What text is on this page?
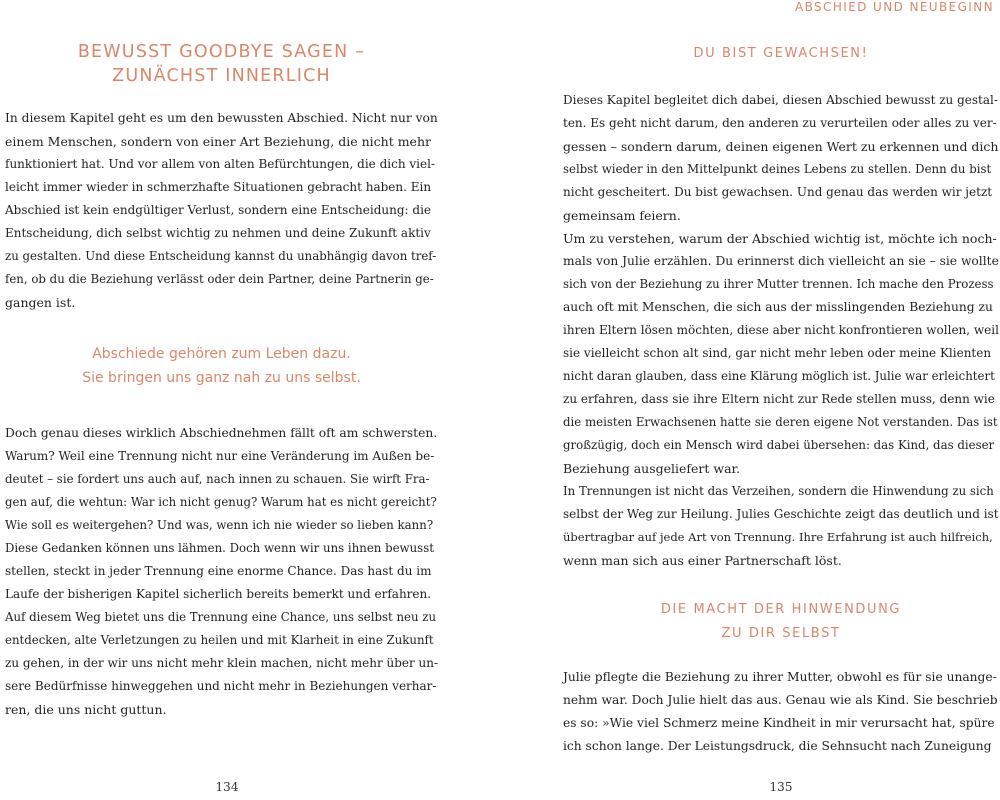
ABSCHIED UND NEUBEGINN
BEWUSST GOODBYE SAGEN –
ZUNÄCHST INNERLICH

In diesem Kapitel geht es um den bewussten Abschied. Nicht nur von
einem Menschen, sondern von einer Art Beziehung, die nicht mehr
funktioniert hat. Und vor allem von alten Befürchtungen, die dich viel-
leicht immer wieder in schmerzhafte Situationen gebracht haben. Ein
Abschied ist kein endgültiger Verlust, sondern eine Entscheidung: die
Entscheidung, dich selbst wichtig zu nehmen und deine Zukunft aktiv
zu gestalten. Und diese Entscheidung kannst du unabhängig davon tref-
fen, ob du die Beziehung verlässt oder dein Partner, deine Partnerin ge-
gangen ist.

Abschiede gehören zum Leben dazu.
Sie bringen uns ganz nah zu uns selbst.

Doch genau dieses wirklich Abschiednehmen fällt oft am schwersten.
Warum? Weil eine Trennung nicht nur eine Veränderung im Außen be-
deutet – sie fordert uns auch auf, nach innen zu schauen. Sie wirft Fra-
gen auf, die wehtun: War ich nicht genug? Warum hat es nicht gereicht?
Wie soll es weitergehen? Und was, wenn ich nie wieder so lieben kann?
Diese Gedanken können uns lähmen. Doch wenn wir uns ihnen bewusst
stellen, steckt in jeder Trennung eine enorme Chance. Das hast du im
Laufe der bisherigen Kapitel sicherlich bereits bemerkt und erfahren.
Auf diesem Weg bietet uns die Trennung eine Chance, uns selbst neu zu
entdecken, alte Verletzungen zu heilen und mit Klarheit in eine Zukunft
zu gehen, in der wir uns nicht mehr klein machen, nicht mehr über un-
sere Bedürfnisse hinweggehen und nicht mehr in Beziehungen verhar-
ren, die uns nicht guttun.

134
DU BIST GEWACHSEN!

Dieses Kapitel begleitet dich dabei, diesen Abschied bewusst zu gestal-
ten. Es geht nicht darum, den anderen zu verurteilen oder alles zu ver-
gessen – sondern darum, deinen eigenen Wert zu erkennen und dich
selbst wieder in den Mittelpunkt deines Lebens zu stellen. Denn du bist
nicht gescheitert. Du bist gewachsen. Und genau das werden wir jetzt
gemeinsam feiern.

Um zu verstehen, warum der Abschied wichtig ist, möchte ich noch-
mals von Julie erzählen. Du erinnerst dich vielleicht an sie – sie wollte
sich von der Beziehung zu ihrer Mutter trennen. Ich mache den Prozess
auch oft mit Menschen, die sich aus der misslingenden Beziehung zu
ihren Eltern lösen möchten, diese aber nicht konfrontieren wollen, weil
sie vielleicht schon alt sind, gar nicht mehr leben oder meine Klienten
nicht daran glauben, dass eine Klärung möglich ist. Julie war erleichtert
zu erfahren, dass sie ihre Eltern nicht zur Rede stellen muss, denn wie
die meisten Erwachsenen hatte sie deren eigene Not verstanden. Das ist
großzügig, doch ein Mensch wird dabei übersehen: das Kind, das dieser
Beziehung ausgeliefert war.

In Trennungen ist nicht das Verzeihen, sondern die Hinwendung zu sich
selbst der Weg zur Heilung. Julies Geschichte zeigt das deutlich und ist
übertragbar auf jede Art von Trennung. Ihre Erfahrung ist auch hilfreich,
wenn man sich aus einer Partnerschaft löst.

DIE MACHT DER HINWENDUNG
ZU DIR SELBST

Julie pflegte die Beziehung zu ihrer Mutter, obwohl es für sie unange-
nehm war. Doch Julie hielt das aus. Genau wie als Kind. Sie beschrieb
es so: »Wie viel Schmerz meine Kindheit in mir verursacht hat, spüre
ich schon lange. Der Leistungsdruck, die Sehnsucht nach Zuneigung

135
